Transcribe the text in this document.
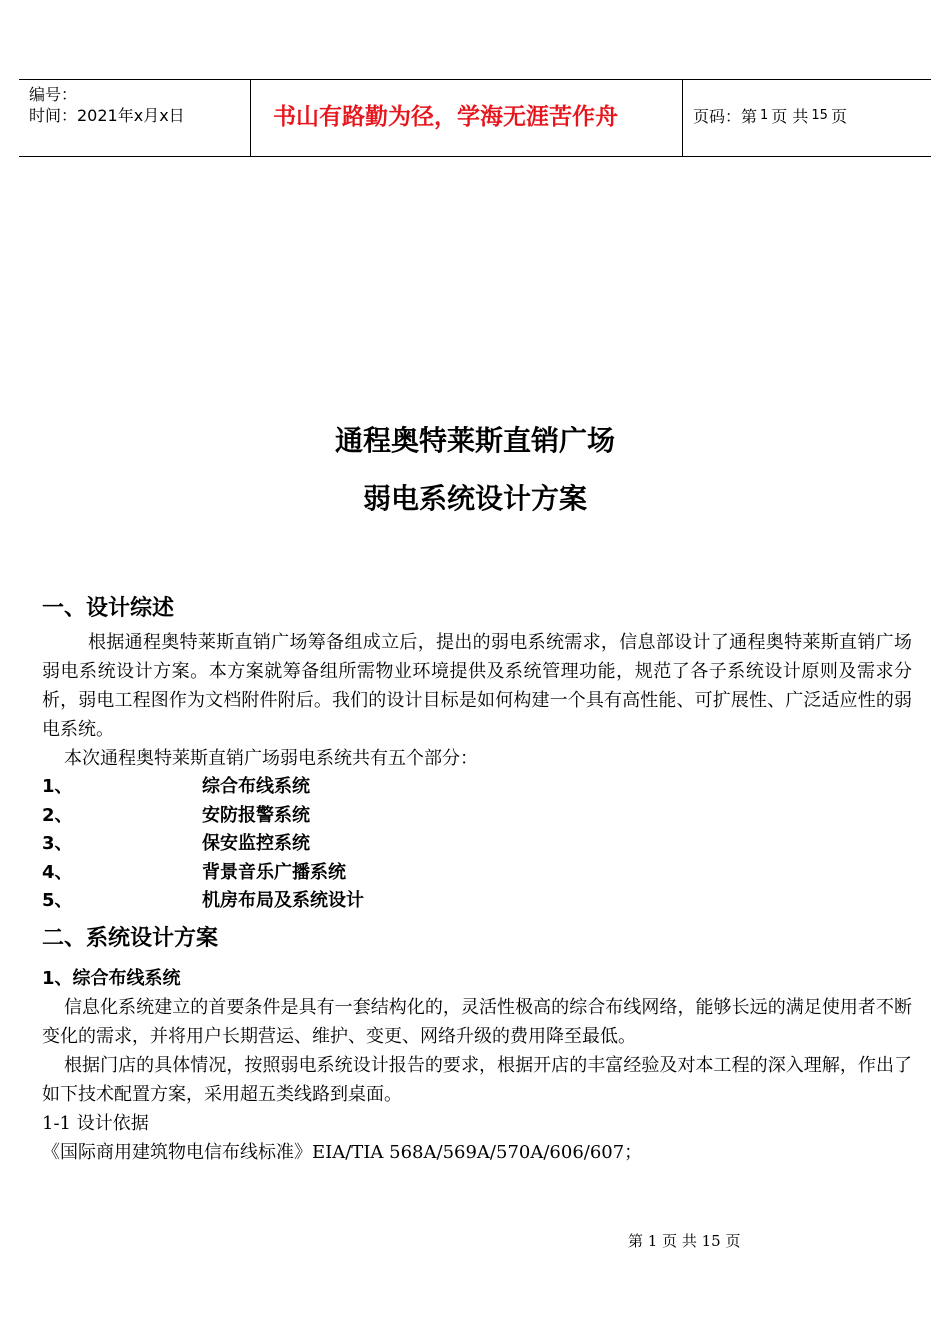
编号：
时间：2021年x月x日	书山有路勤为径，学海无涯苦作舟	页码：第 1 页 共 15 页
通程奥特莱斯直销广场
弱电系统设计方案
一、设计综述

根据通程奥特莱斯直销广场筹备组成立后，提出的弱电系统需求，信息部设计了通程奥特莱斯直销广场弱电系统设计方案。本方案就筹备组所需物业环境提供及系统管理功能，规范了各子系统设计原则及需求分析，弱电工程图作为文档附件附后。我们的设计目标是如何构建一个具有高性能、可扩展性、广泛适应性的弱电系统。

本次通程奥特莱斯直销广场弱电系统共有五个部分：

1、	综合布线系统
2、	安防报警系统
3、	保安监控系统
4、	背景音乐广播系统
5、	机房布局及系统设计
二、系统设计方案
1、综合布线系统

信息化系统建立的首要条件是具有一套结构化的，灵活性极高的综合布线网络，能够长远的满足使用者不断变化的需求，并将用户长期营运、维护、变更、网络升级的费用降至最低。

根据门店的具体情况，按照弱电系统设计报告的要求，根据开店的丰富经验及对本工程的深入理解，作出了如下技术配置方案，采用超五类线路到桌面。

1-1 设计依据

《国际商用建筑物电信布线标准》EIA/TIA 568A/569A/570A/606/607；

第 1 页 共 15 页
